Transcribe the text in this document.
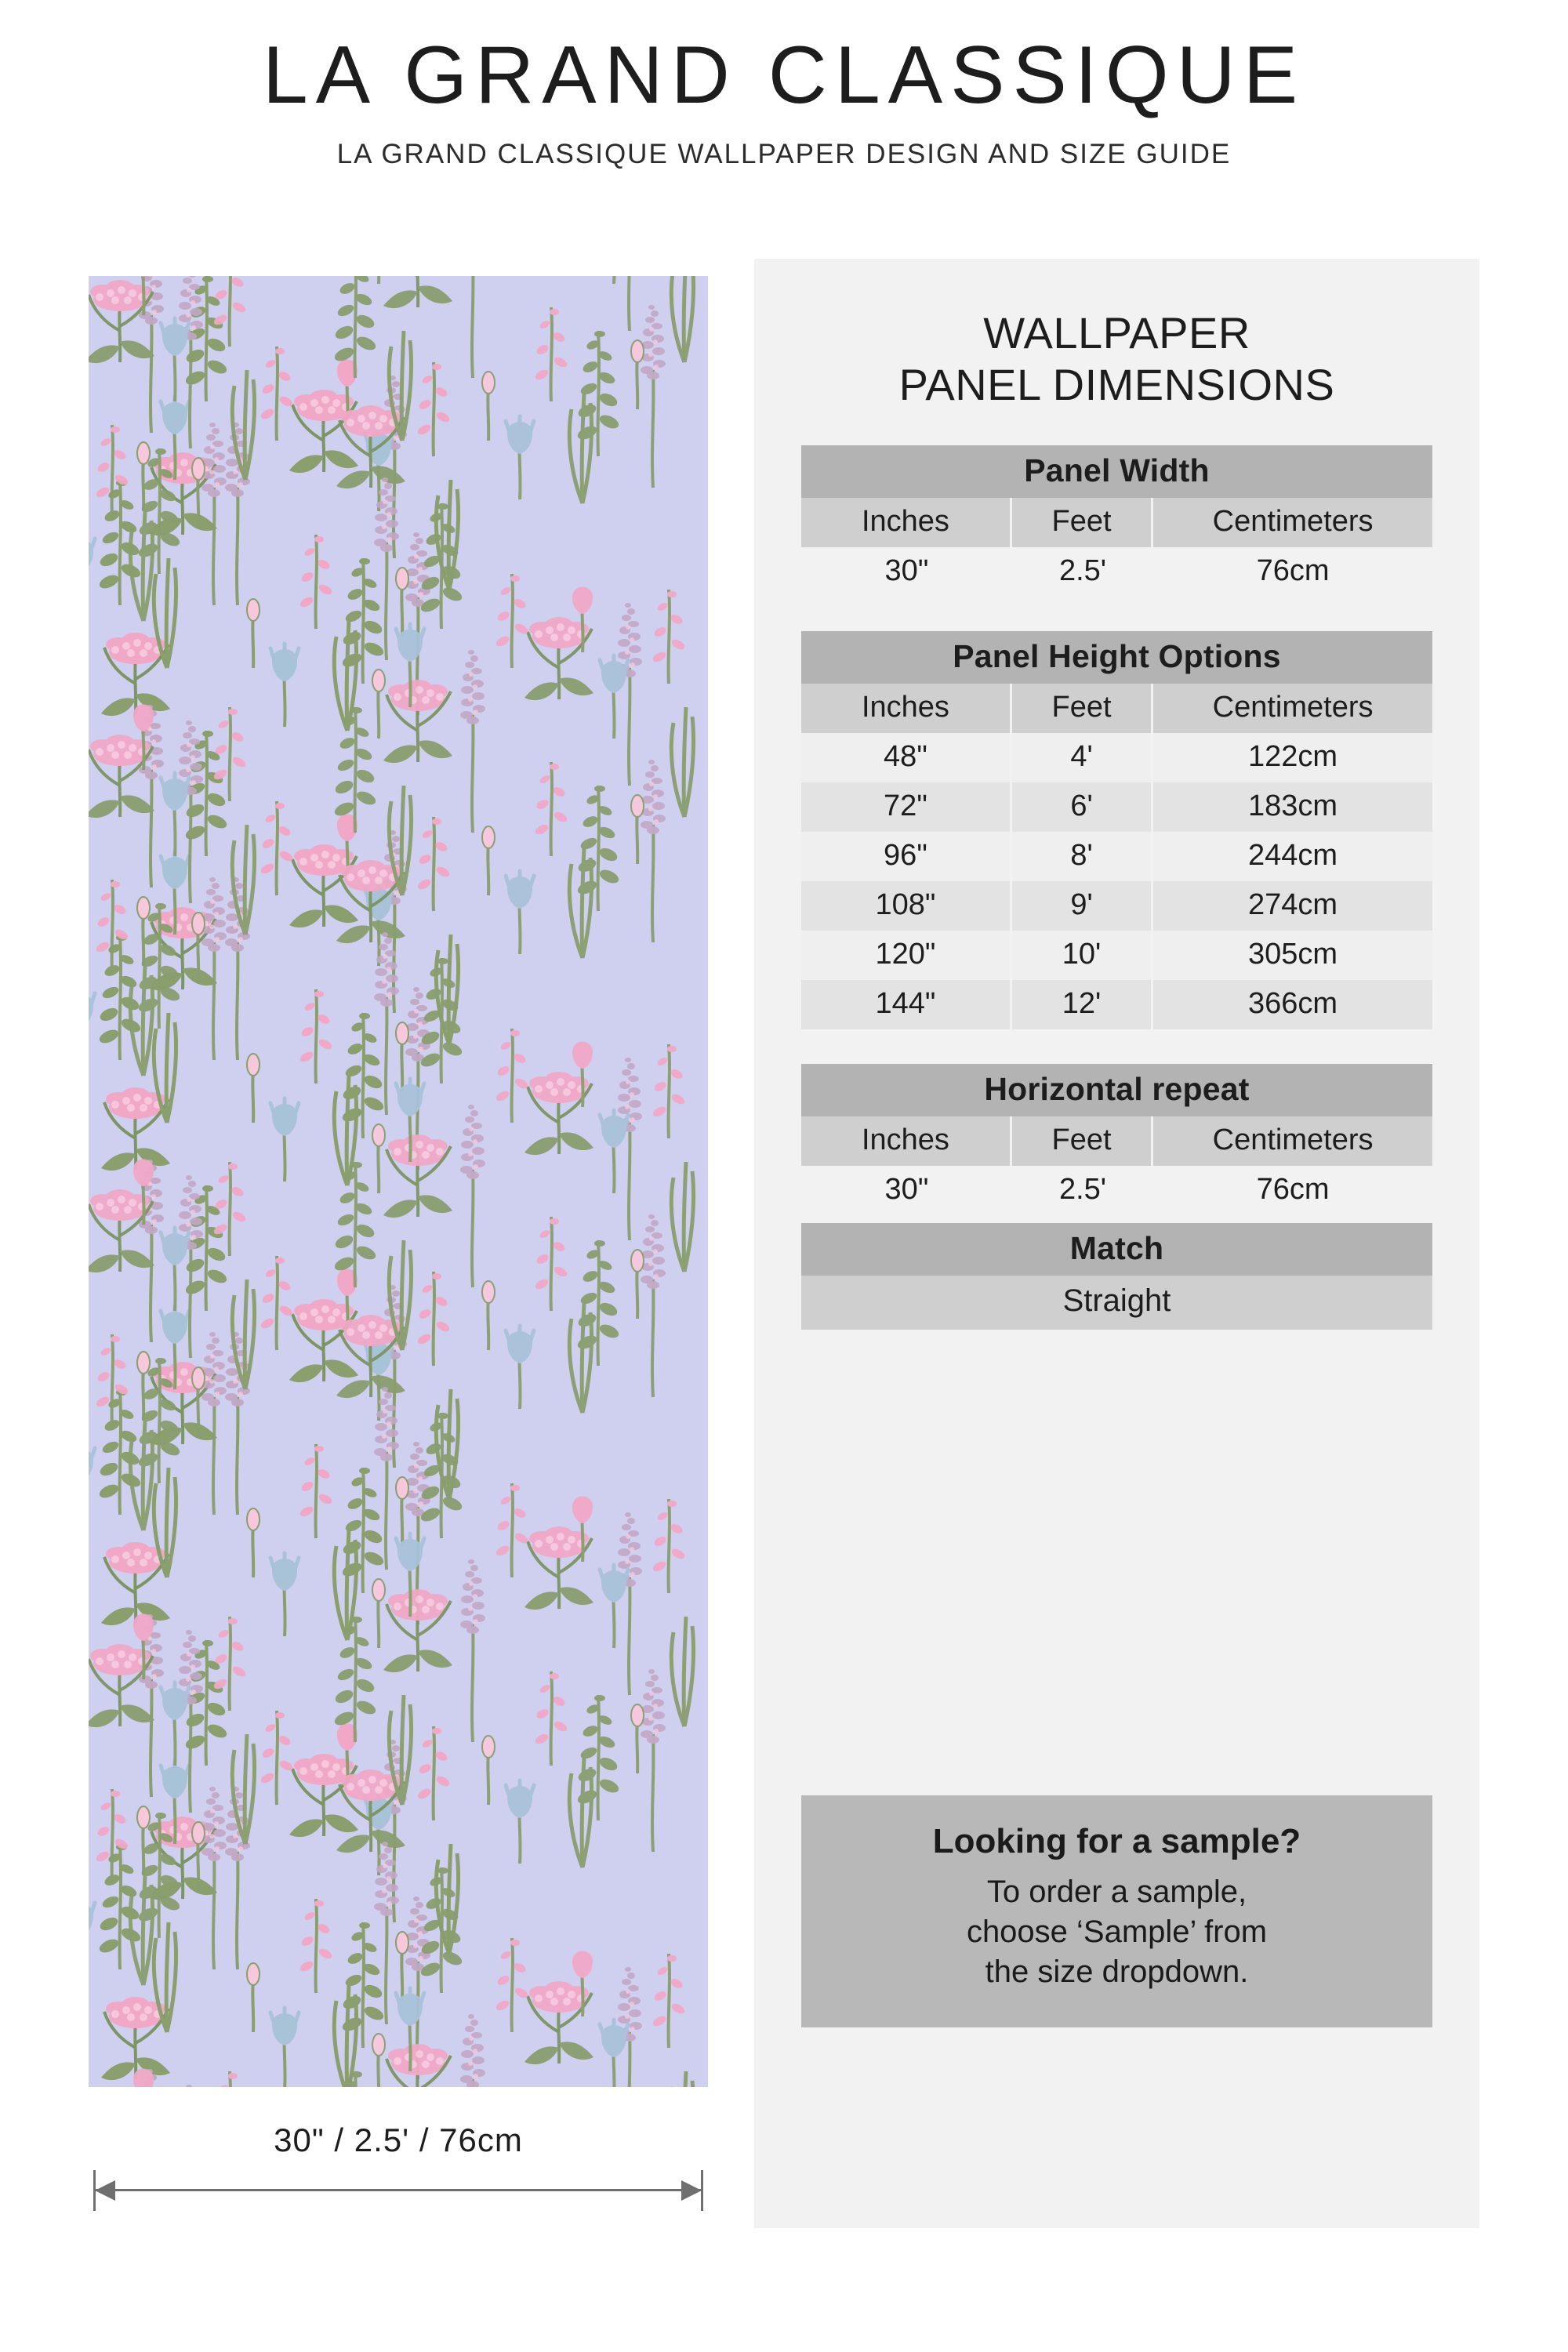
LA GRAND CLASSIQUE
LA GRAND CLASSIQUE WALLPAPER DESIGN AND SIZE GUIDE
30" / 2.5' / 76cm
WALLPAPER
PANEL DIMENSIONS
Panel Width
Inches	Feet	Centimeters
30"	2.5'	76cm
Panel Height Options
Inches	Feet	Centimeters
48"	4'	122cm
72"	6'	183cm
96"	8'	244cm
108"	9'	274cm
120"	10'	305cm
144"	12'	366cm
Horizontal repeat
Inches	Feet	Centimeters
30"	2.5'	76cm
Match
Straight
Looking for a sample?
To order a sample,
choose ‘Sample’ from
the size dropdown.
